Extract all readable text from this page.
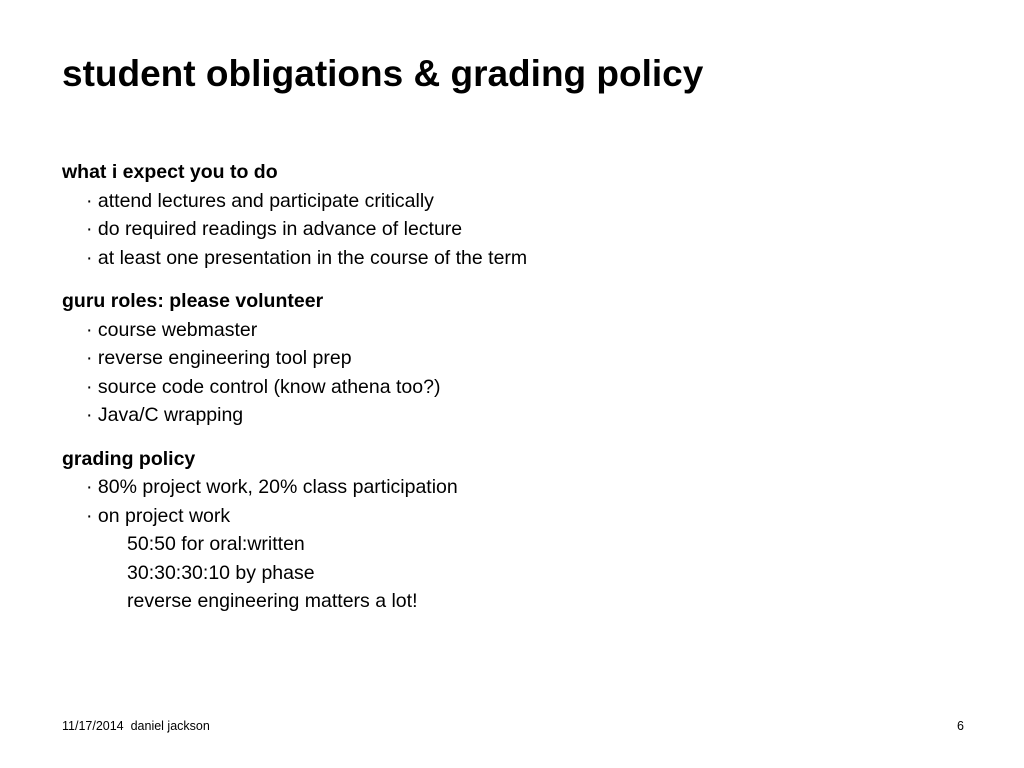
student obligations & grading policy
what i expect you to do
· attend lectures and participate critically
· do required readings in advance of lecture
· at least one presentation in the course of the term
guru roles: please volunteer
· course webmaster
· reverse engineering tool prep
· source code control (know athena too?)
· Java/C wrapping
grading policy
· 80% project work, 20% class participation
· on project work
50:50 for oral:written
30:30:30:10 by phase
reverse engineering matters a lot!
11/17/2014 daniel jackson	6
